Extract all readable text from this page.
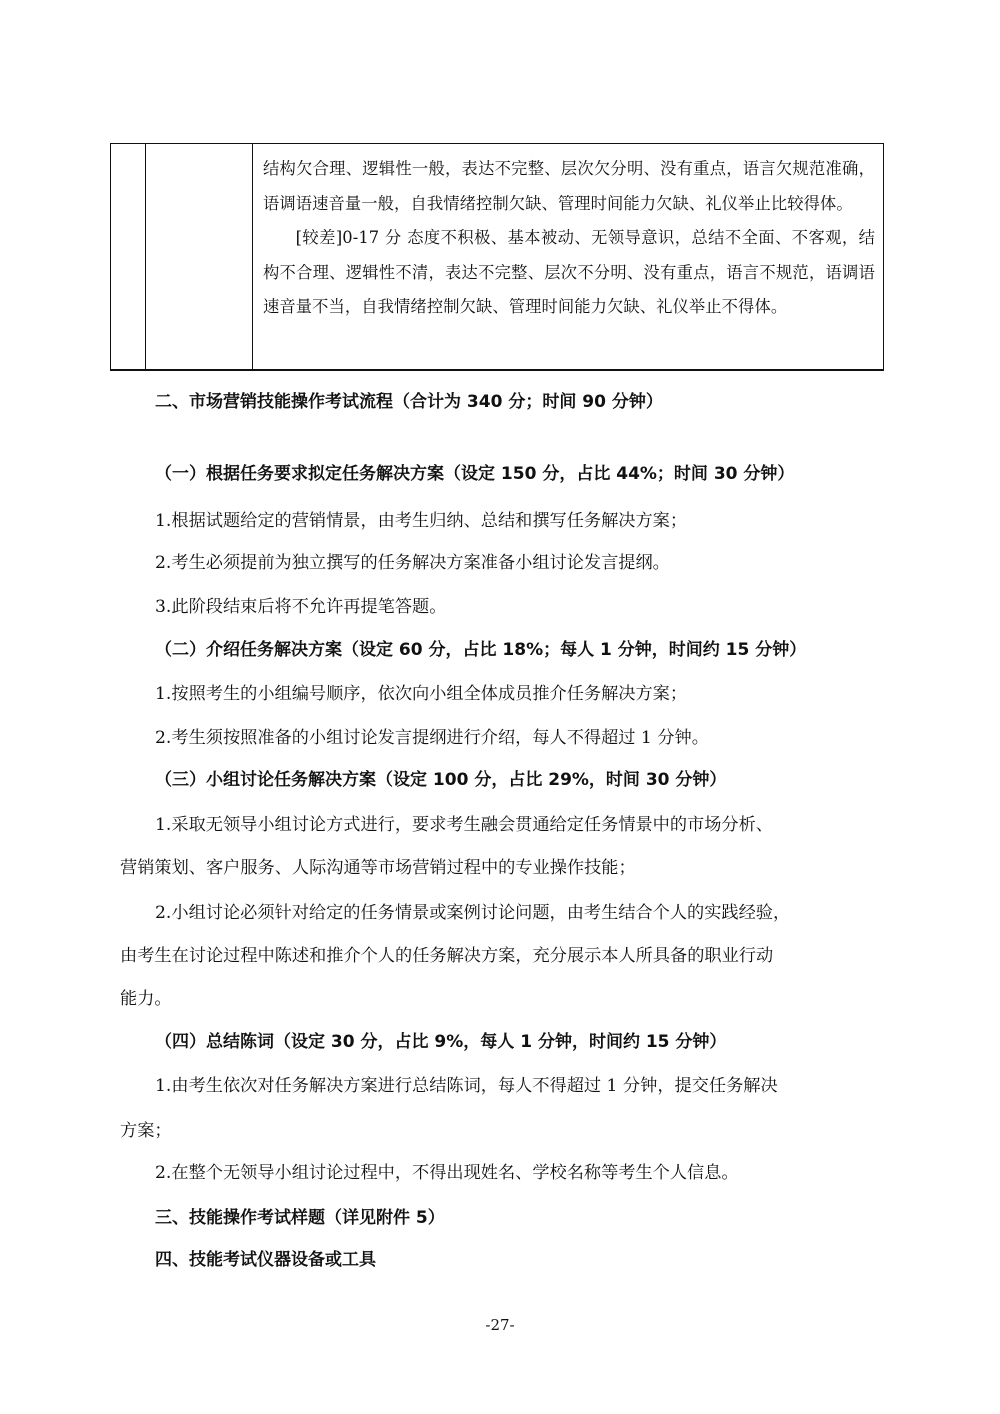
结构欠合理、逻辑性一般，表达不完整、层次欠分明、没有重点，语言欠规范准确，语调语速音量一般，自我情绪控制欠缺、管理时间能力欠缺、礼仪举止比较得体。

[较差]0-17 分 态度不积极、基本被动、无领导意识，总结不全面、不客观，结构不合理、逻辑性不清，表达不完整、层次不分明、没有重点，语言不规范，语调语速音量不当，自我情绪控制欠缺、管理时间能力欠缺、礼仪举止不得体。

二、市场营销技能操作考试流程（合计为 340 分；时间 90 分钟）
（一）根据任务要求拟定任务解决方案（设定 150 分，占比 44%；时间 30 分钟）
1.根据试题给定的营销情景，由考生归纳、总结和撰写任务解决方案；
2.考生必须提前为独立撰写的任务解决方案准备小组讨论发言提纲。
3.此阶段结束后将不允许再提笔答题。
（二）介绍任务解决方案（设定 60 分，占比 18%；每人 1 分钟，时间约 15 分钟）
1.按照考生的小组编号顺序，依次向小组全体成员推介任务解决方案；
2.考生须按照准备的小组讨论发言提纲进行介绍，每人不得超过 1 分钟。
（三）小组讨论任务解决方案（设定 100 分，占比 29%，时间 30 分钟）
1.采取无领导小组讨论方式进行，要求考生融会贯通给定任务情景中的市场分析、
营销策划、客户服务、人际沟通等市场营销过程中的专业操作技能；
2.小组讨论必须针对给定的任务情景或案例讨论问题，由考生结合个人的实践经验，
由考生在讨论过程中陈述和推介个人的任务解决方案，充分展示本人所具备的职业行动
能力。
（四）总结陈词（设定 30 分，占比 9%，每人 1 分钟，时间约 15 分钟）
1.由考生依次对任务解决方案进行总结陈词，每人不得超过 1 分钟，提交任务解决
方案；
2.在整个无领导小组讨论过程中，不得出现姓名、学校名称等考生个人信息。
三、技能操作考试样题（详见附件 5）
四、技能考试仪器设备或工具
-27-
